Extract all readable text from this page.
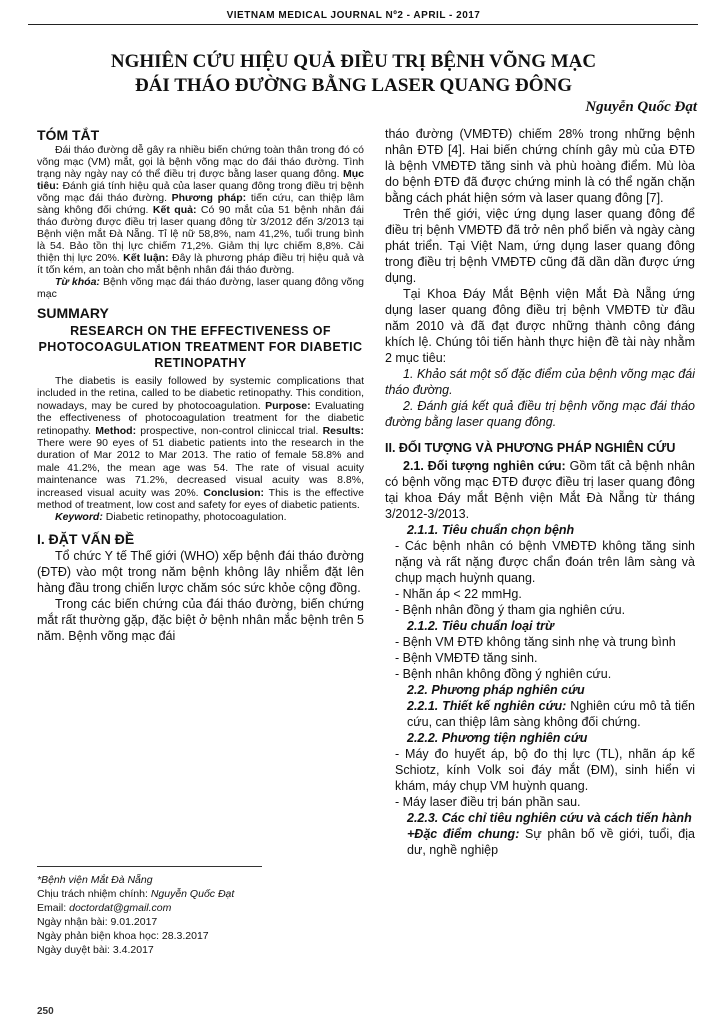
VIETNAM MEDICAL JOURNAL Nº2 - APRIL - 2017
NGHIÊN CỨU HIỆU QUẢ ĐIỀU TRỊ BỆNH VÕNG MẠC
ĐÁI THÁO ĐƯỜNG BẰNG LASER QUANG ĐÔNG
Nguyễn Quốc Đạt
TÓM TẮT

Đái tháo đường dễ gây ra nhiều biến chứng toàn thân trong đó có võng mạc (VM) mắt, gọi là bệnh võng mạc do đái tháo đường. Tình trạng này ngày nay có thể điều trị được bằng laser quang đông. Mục tiêu: Đánh giá tính hiệu quả của laser quang đông trong điều trị bệnh võng mạc đái tháo đường. Phương pháp: tiến cứu, can thiệp lâm sàng không đối chứng. Kết quả: Có 90 mắt của 51 bệnh nhân đái tháo đường được điều trị laser quang đông từ 3/2012 đến 3/2013 tại Bệnh viện mắt Đà Nẵng. Tỉ lệ nữ 58,8%, nam 41,2%, tuổi trung bình là 54. Bảo tồn thị lực chiếm 71,2%. Giảm thị lực chiếm 8,8%. Cải thiện thị lực 20%. Kết luận: Đây là phương pháp điều trị hiệu quả và ít tốn kém, an toàn cho mắt bệnh nhân đái tháo đường.

Từ khóa: Bệnh võng mạc đái tháo đường, laser quang đông võng mạc

SUMMARY
RESEARCH ON THE EFFECTIVENESS OF PHOTOCOAGULATION TREATMENT FOR DIABETIC RETINOPATHY

The diabetis is easily followed by systemic complications that included in the retina, called to be diabetic retinopathy. This condition, nowadays, may be cured by photocoagulation. Purpose: Evaluating the effectiveness of photocoagulation treatment for the diabetic retinopathy. Method: prospective, non-control cliniccal trial. Results: There were 90 eyes of 51 diabetic patients into the research in the duration of Mar 2012 to Mar 2013. The ratio of female 58.8% and male 41.2%, the mean age was 54. The rate of visual acuity maintenance was 71.2%, decreased visual acuity was 8.8%, increased visual acuity was 20%. Conclusion: This is the effective method of treatment, low cost and safety for eyes of diabetic patients.

Keyword: Diabetic retinopathy, photocoagulation.

I. ĐẶT VẤN ĐỀ

Tổ chức Y tế Thế giới (WHO) xếp bệnh đái tháo đường (ĐTĐ) vào một trong năm bệnh không lây nhiễm đặt lên hàng đầu trong chiến lược chăm sóc sức khỏe cộng đồng.

Trong các biến chứng của đái tháo đường, biến chứng mắt rất thường gặp, đặc biệt ở bệnh nhân mắc bệnh trên 5 năm. Bệnh võng mạc đái

*Bệnh viện Mắt Đà Nẵng
Chịu trách nhiệm chính: Nguyễn Quốc Đạt
Email: doctordat@gmail.com
Ngày nhận bài: 9.01.2017
Ngày phản biện khoa học: 28.3.2017
Ngày duyệt bài: 3.4.2017
250

tháo đường (VMĐTĐ) chiếm 28% trong những bệnh nhân ĐTĐ [4]. Hai biến chứng chính gây mù của ĐTĐ là bệnh VMĐTĐ tăng sinh và phù hoàng điểm. Mù lòa do bệnh ĐTĐ đã được chứng minh là có thể ngăn chặn bằng cách phát hiện sớm và laser quang đông [7].

Trên thế giới, việc ứng dụng laser quang đông để điều trị bệnh VMĐTĐ đã trở nên phổ biến và ngày càng phát triển. Tại Việt Nam, ứng dụng laser quang đông trong điều trị bệnh VMĐTĐ cũng đã dần dần được ứng dụng.

Tại Khoa Đáy Mắt Bệnh viện Mắt Đà Nẵng ứng dụng laser quang đông điều trị bệnh VMĐTĐ từ đầu năm 2010 và đã đạt được những thành công đáng khích lệ. Chúng tôi tiến hành thực hiện đề tài này nhằm 2 mục tiêu:

1. Khảo sát một số đặc điểm của bệnh võng mạc đái tháo đường.

2. Đánh giá kết quả điều trị bệnh võng mạc đái tháo đường bằng laser quang đông.

II. ĐỐI TƯỢNG VÀ PHƯƠNG PHÁP NGHIÊN CỨU

2.1. Đối tượng nghiên cứu: Gồm tất cả bệnh nhân có bệnh võng mạc ĐTĐ được điều trị laser quang đông tại khoa Đáy mắt Bệnh viện Mắt Đà Nẵng từ tháng 3/2012-3/2013.

2.1.1. Tiêu chuẩn chọn bệnh

- Các bệnh nhân có bệnh VMĐTĐ không tăng sinh nặng và rất nặng được chẩn đoán trên lâm sàng và chụp mạch huỳnh quang.

- Nhãn áp < 22 mmHg.

- Bệnh nhân đồng ý tham gia nghiên cứu.

2.1.2. Tiêu chuẩn loại trừ

- Bệnh VM ĐTĐ không tăng sinh nhẹ và trung bình

- Bệnh VMĐTĐ tăng sinh.

- Bệnh nhân không đồng ý nghiên cứu.

2.2. Phương pháp nghiên cứu

2.2.1. Thiết kế nghiên cứu: Nghiên cứu mô tả tiến cứu, can thiệp lâm sàng không đối chứng.

2.2.2. Phương tiện nghiên cứu

- Máy đo huyết áp, bộ đo thị lực (TL), nhãn áp kế Schiotz, kính Volk soi đáy mắt (ĐM), sinh hiển vi khám, máy chụp VM huỳnh quang.

- Máy laser điều trị bán phần sau.

2.2.3. Các chỉ tiêu nghiên cứu và cách tiến hành

+Đặc điểm chung: Sự phân bố về giới, tuổi, địa dư, nghề nghiệp
